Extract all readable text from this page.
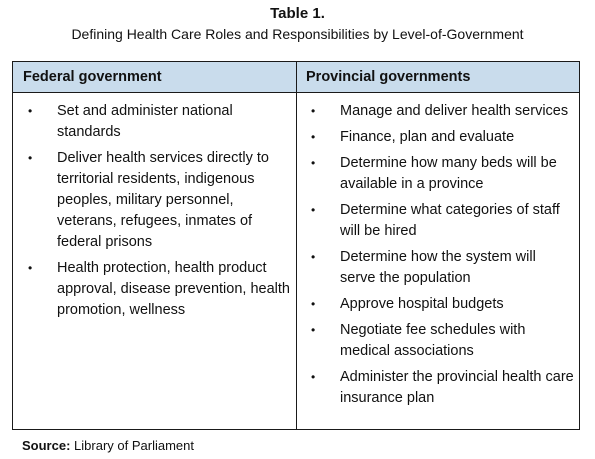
Table 1.
Defining Health Care Roles and Responsibilities by Level-of-Government
Federal government	Provincial governments
• Set and administer national standards
• Deliver health services directly to territorial residents, indigenous peoples, military personnel, veterans, refugees, inmates of federal prisons
• Health protection, health product approval, disease prevention, health promotion, wellness
• Manage and deliver health services
• Finance, plan and evaluate
• Determine how many beds will be available in a province
• Determine what categories of staff will be hired
• Determine how the system will serve the population
• Approve hospital budgets
• Negotiate fee schedules with medical associations
• Administer the provincial health care insurance plan
Source: Library of Parliament
